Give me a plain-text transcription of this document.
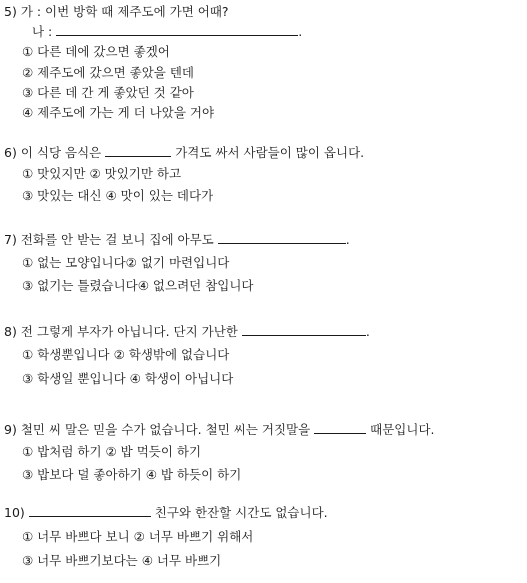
5) 가 : 이번 방학 때 제주도에 가면 어때?
나 :	.
① 다른 데에 갔으면 좋겠어
② 제주도에 갔으면 좋았을 텐데
③ 다른 데 간 게 좋았던 것 같아
④ 제주도에 가는 게 더 나았을 거야
6) 이 식당 음식은	가격도 싸서 사람들이 많이 옵니다.
① 맛있지만 ② 맛있기만 하고
③ 맛있는 대신 ④ 맛이 있는 데다가
7) 전화를 안 받는 걸 보니 집에 아무도	.
① 없는 모양입니다② 없기 마련입니다
③ 없기는 틀렸습니다④ 없으려던 참입니다
8) 전 그렇게 부자가 아닙니다. 단지 가난한	.
① 학생뿐입니다 ② 학생밖에 없습니다
③ 학생일 뿐입니다 ④ 학생이 아닙니다
9) 철민 씨 말은 믿을 수가 없습니다. 철민 씨는 거짓말을	때문입니다.
① 밥처럼 하기 ② 밥 먹듯이 하기
③ 밥보다 덜 좋아하기 ④ 밥 하듯이 하기
10)	친구와 한잔할 시간도 없습니다.
① 너무 바쁘다 보니 ② 너무 바쁘기 위해서
③ 너무 바쁘기보다는 ④ 너무 바쁘기
